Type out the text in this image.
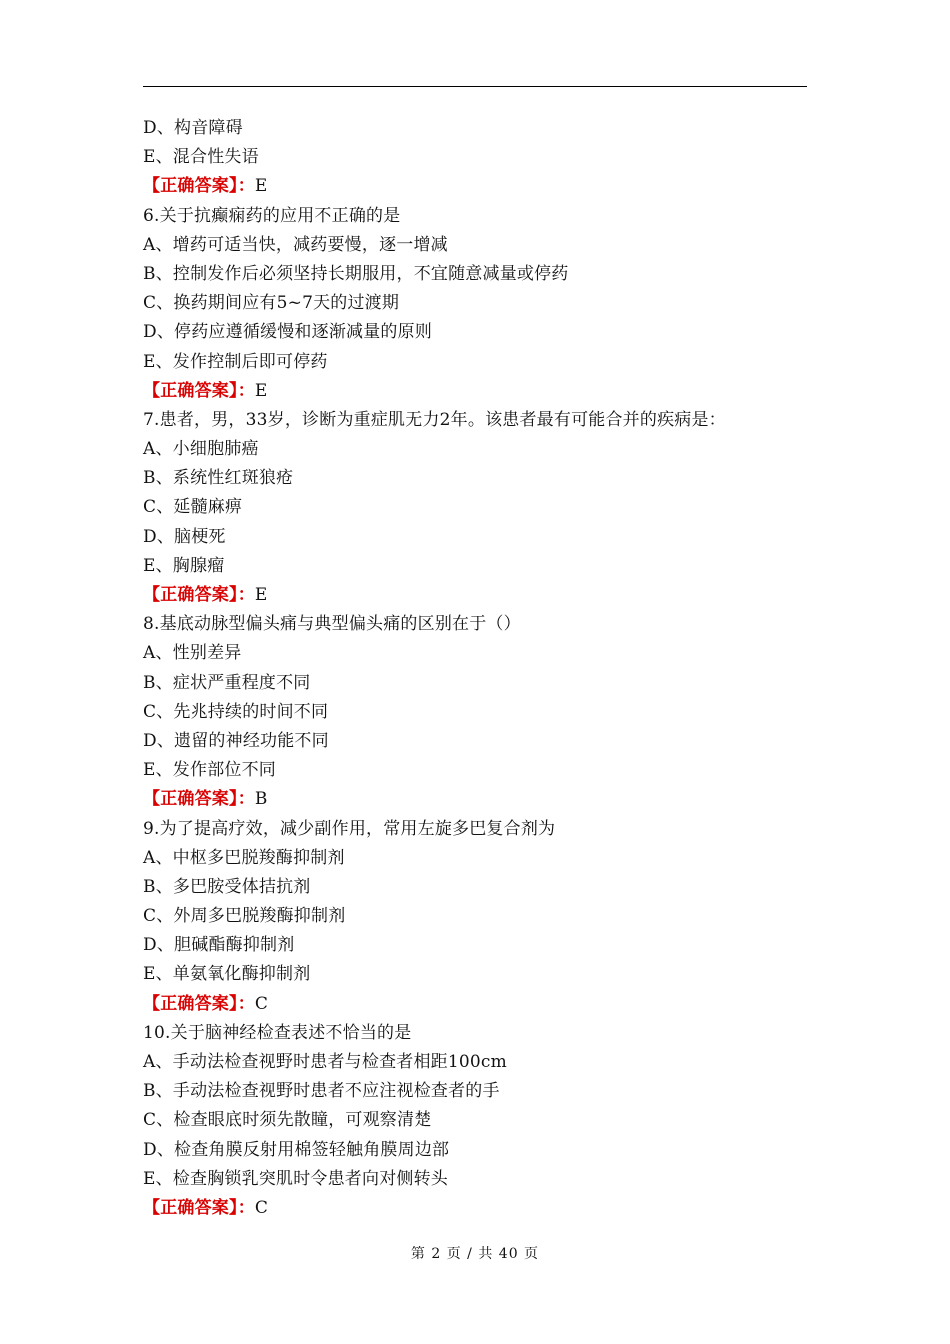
D、构音障碍
E、混合性失语
【正确答案】：E
6.关于抗癫痫药的应用不正确的是
A、增药可适当快，减药要慢，逐一增减
B、控制发作后必须坚持长期服用，不宜随意减量或停药
C、换药期间应有5~7天的过渡期
D、停药应遵循缓慢和逐渐减量的原则
E、发作控制后即可停药
【正确答案】：E
7.患者，男，33岁，诊断为重症肌无力2年。该患者最有可能合并的疾病是：
A、小细胞肺癌
B、系统性红斑狼疮
C、延髓麻痹
D、脑梗死
E、胸腺瘤
【正确答案】：E
8.基底动脉型偏头痛与典型偏头痛的区别在于（）
A、性别差异
B、症状严重程度不同
C、先兆持续的时间不同
D、遗留的神经功能不同
E、发作部位不同
【正确答案】：B
9.为了提高疗效，减少副作用，常用左旋多巴复合剂为
A、中枢多巴脱羧酶抑制剂
B、多巴胺受体拮抗剂
C、外周多巴脱羧酶抑制剂
D、胆碱酯酶抑制剂
E、单氨氧化酶抑制剂
【正确答案】：C
10.关于脑神经检查表述不恰当的是
A、手动法检查视野时患者与检查者相距100cm
B、手动法检查视野时患者不应注视检查者的手
C、检查眼底时须先散瞳，可观察清楚
D、检查角膜反射用棉签轻触角膜周边部
E、检查胸锁乳突肌时令患者向对侧转头
【正确答案】：C
第 2 页 / 共 40 页
